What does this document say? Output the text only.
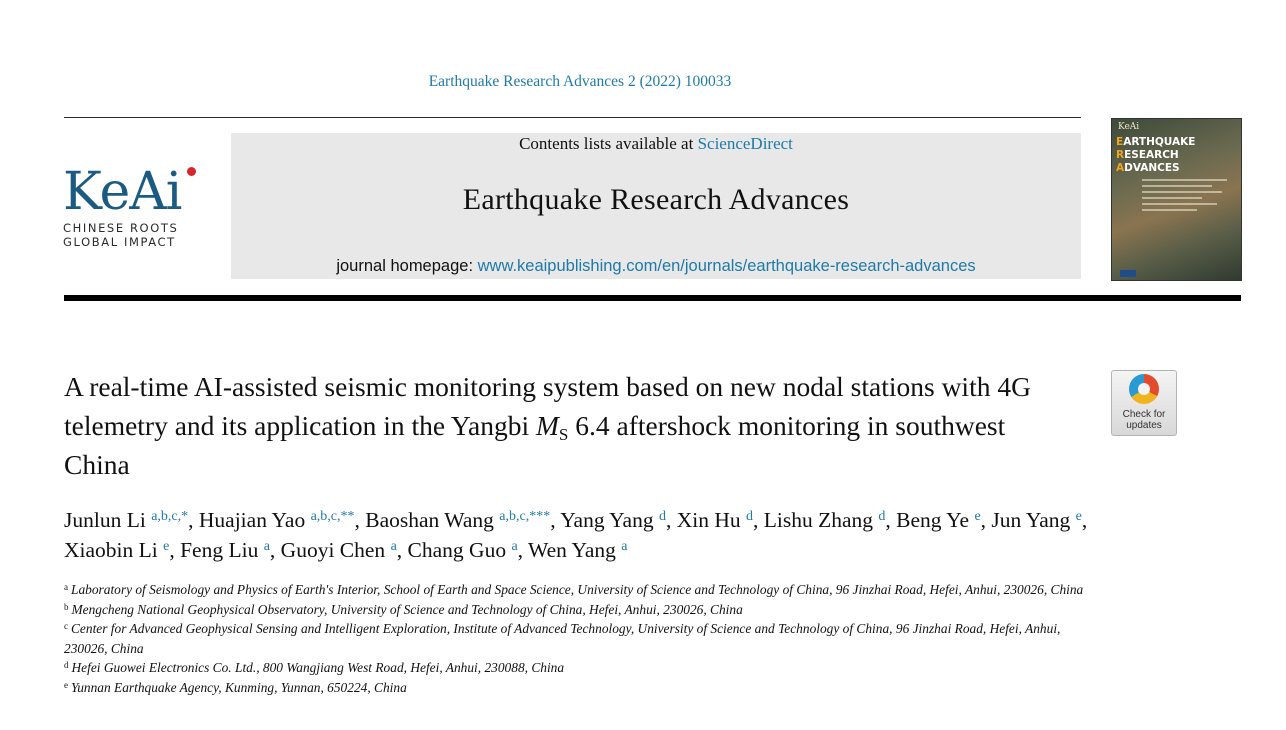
Earthquake Research Advances 2 (2022) 100033
KeAi
CHINESE ROOTS
GLOBAL IMPACT
Contents lists available at ScienceDirect
Earthquake Research Advances
journal homepage: www.keaipublishing.com/en/journals/earthquake-research-advances
KeAi
EARTHQUAKE
RESEARCH
ADVANCES
A real-time AI-assisted seismic monitoring system based on new nodal stations with 4G telemetry and its application in the Yangbi $M_S$ 6.4 aftershock monitoring in southwest China
Check for
updates
Junlun Li $^{a,b,c,*}$, Huajian Yao $^{a,b,c,**}$, Baoshan Wang $^{a,b,c,***}$, Yang Yang $^d$, Xin Hu $^d$, Lishu Zhang $^d$, Beng Ye $^e$, Jun Yang $^e$, Xiaobin Li $^e$, Feng Liu $^a$, Guoyi Chen $^a$, Chang Guo $^a$, Wen Yang $^a$
$^a$ Laboratory of Seismology and Physics of Earth's Interior, School of Earth and Space Science, University of Science and Technology of China, 96 Jinzhai Road, Hefei, Anhui, 230026, China
$^b$ Mengcheng National Geophysical Observatory, University of Science and Technology of China, Hefei, Anhui, 230026, China
$^c$ Center for Advanced Geophysical Sensing and Intelligent Exploration, Institute of Advanced Technology, University of Science and Technology of China, 96 Jinzhai Road, Hefei, Anhui, 230026, China
$^d$ Hefei Guowei Electronics Co. Ltd., 800 Wangjiang West Road, Hefei, Anhui, 230088, China
$^e$ Yunnan Earthquake Agency, Kunming, Yunnan, 650224, China
